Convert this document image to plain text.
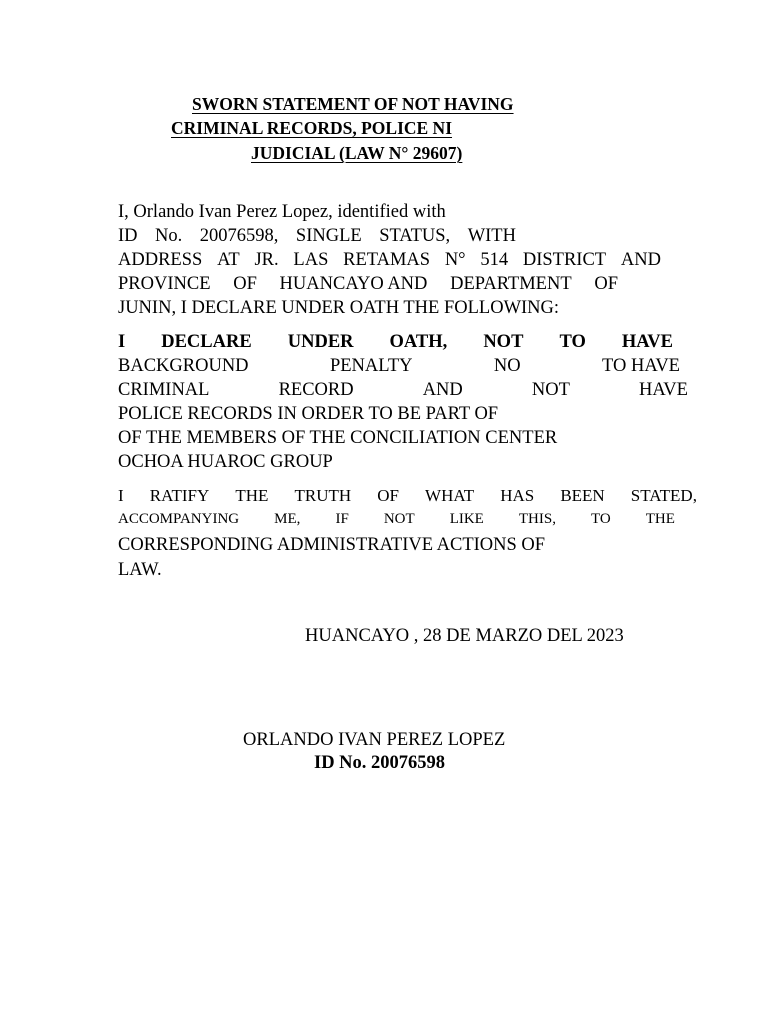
SWORN STATEMENT OF NOT HAVING
CRIMINAL RECORDS, POLICE NI
JUDICIAL (LAW N° 29607)
I, Orlando Ivan Perez Lopez, identified with
ID No. 20076598, SINGLE STATUS, WITH
ADDRESS AT JR. LAS RETAMAS N° 514 DISTRICT AND
PROVINCE OF HUANCAYO AND DEPARTMENT OF
JUNIN, I DECLARE UNDER OATH THE FOLLOWING:
I DECLARE UNDER OATH, NOT TO HAVE
BACKGROUND	PENALTY	NO	TO HAVE
CRIMINAL	RECORD	AND	NOT	HAVE
POLICE RECORDS IN ORDER TO BE PART OF
OF THE MEMBERS OF THE CONCILIATION CENTER
OCHOA HUAROC GROUP
I RATIFY THE TRUTH OF WHAT HAS BEEN STATED,
ACCOMPANYING ME, IF NOT LIKE THIS, TO THE
CORRESPONDING ADMINISTRATIVE ACTIONS OF
LAW.
HUANCAYO , 28 DE MARZO DEL 2023
ORLANDO IVAN PEREZ LOPEZ
ID No. 20076598
